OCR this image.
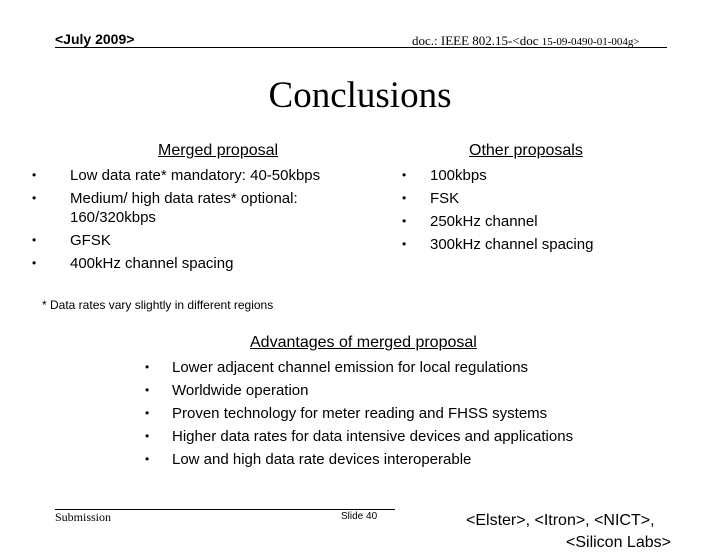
<July 2009>	doc.: IEEE 802.15-<doc 15-09-0490-01-004g>
Conclusions
Merged proposal
• Low data rate* mandatory: 40-50kbps
• Medium/ high data rates* optional: 160/320kbps
• GFSK
• 400kHz channel spacing
Other proposals
• 100kbps
• FSK
• 250kHz channel
• 300kHz channel spacing
* Data rates vary slightly in different regions
Advantages of merged proposal
• Lower adjacent channel emission for local regulations
• Worldwide operation
• Proven technology for meter reading and FHSS systems
• Higher data rates for data intensive devices and applications
• Low and high data rate devices interoperable
Submission	Slide 40	<Elster>, <Itron>, <NICT>,
<Silicon Labs>
